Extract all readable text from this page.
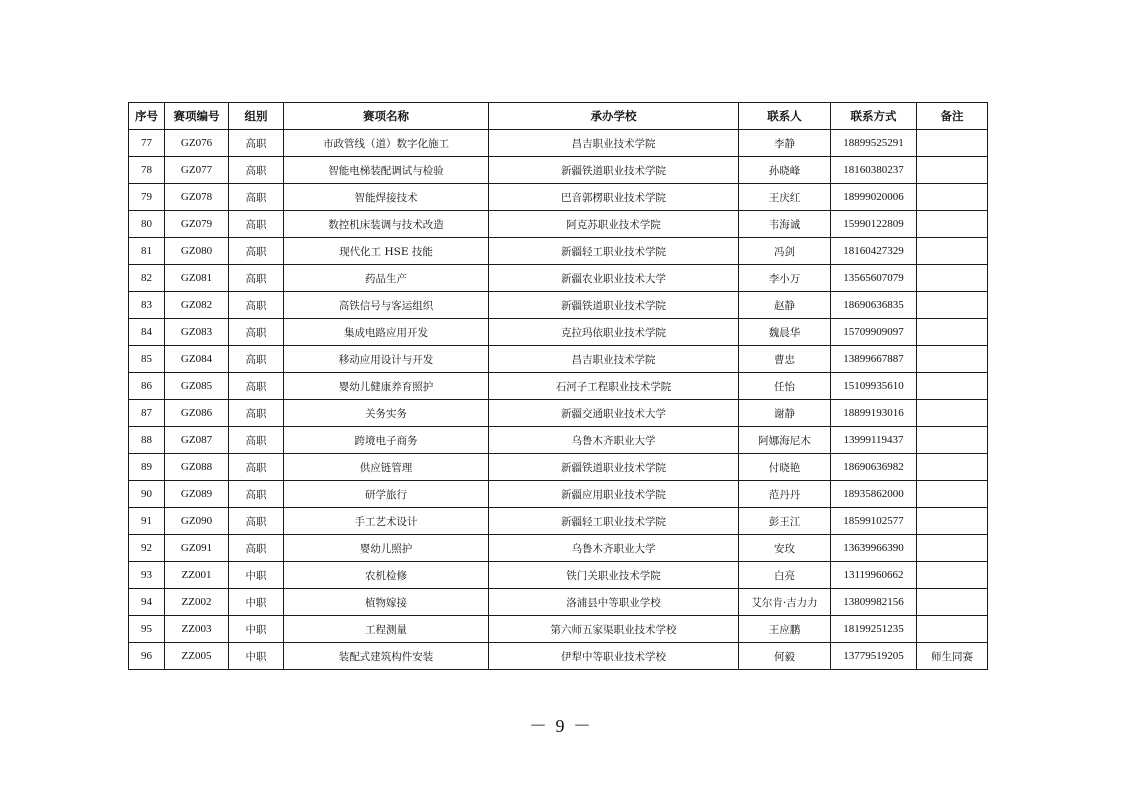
序号	赛项编号	组别	赛项名称	承办学校	联系人	联系方式	备注
77	GZ076	高职	市政管线（道）数字化施工	昌吉职业技术学院	李静	18899525291	
78	GZ077	高职	智能电梯装配调试与检验	新疆铁道职业技术学院	孙晓峰	18160380237	
79	GZ078	高职	智能焊接技术	巴音郭楞职业技术学院	王庆红	18999020006	
80	GZ079	高职	数控机床装调与技术改造	阿克苏职业技术学院	韦海诚	15990122809	
81	GZ080	高职	现代化工 HSE 技能	新疆轻工职业技术学院	冯剑	18160427329	
82	GZ081	高职	药品生产	新疆农业职业技术大学	李小万	13565607079	
83	GZ082	高职	高铁信号与客运组织	新疆铁道职业技术学院	赵静	18690636835	
84	GZ083	高职	集成电路应用开发	克拉玛依职业技术学院	魏晨华	15709909097	
85	GZ084	高职	移动应用设计与开发	昌吉职业技术学院	曹忠	13899667887	
86	GZ085	高职	婴幼儿健康养育照护	石河子工程职业技术学院	任怡	15109935610	
87	GZ086	高职	关务实务	新疆交通职业技术大学	谢静	18899193016	
88	GZ087	高职	跨境电子商务	乌鲁木齐职业大学	阿娜海尼木	13999119437	
89	GZ088	高职	供应链管理	新疆铁道职业技术学院	付晓艳	18690636982	
90	GZ089	高职	研学旅行	新疆应用职业技术学院	范丹丹	18935862000	
91	GZ090	高职	手工艺术设计	新疆轻工职业技术学院	彭王江	18599102577	
92	GZ091	高职	婴幼儿照护	乌鲁木齐职业大学	安玫	13639966390	
93	ZZ001	中职	农机检修	铁门关职业技术学院	白亮	13119960662	
94	ZZ002	中职	植物嫁接	洛浦县中等职业学校	艾尔肯·吉力力	13809982156	
95	ZZ003	中职	工程测量	第六师五家渠职业技术学校	王应鹏	18199251235	
96	ZZ005	中职	装配式建筑构件安装	伊犁中等职业技术学校	何毅	13779519205	师生同赛
－ 9 －
